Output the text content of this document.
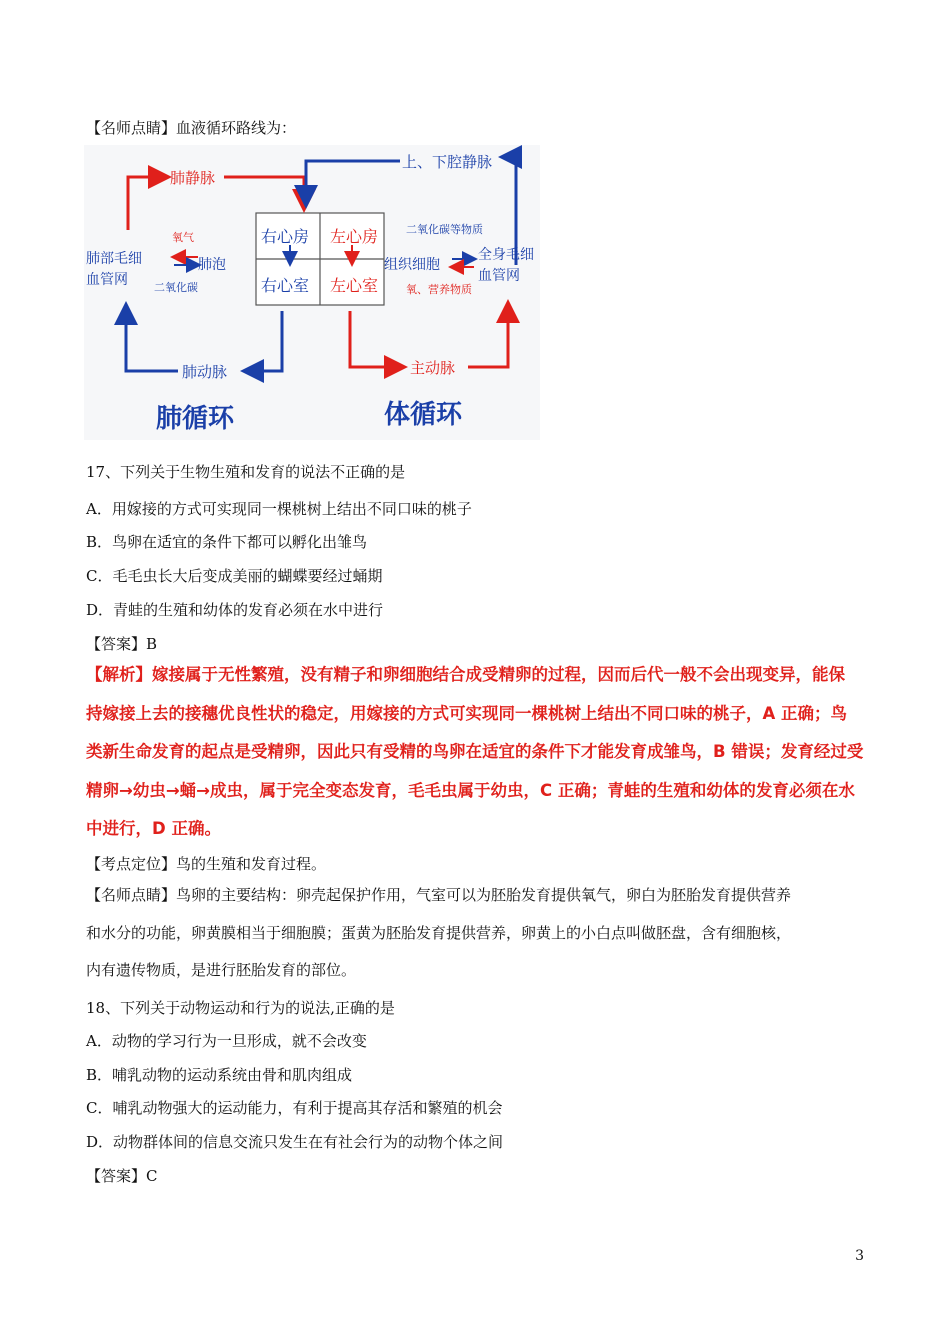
【名师点睛】血液循环路线为：
右心房 左心房
右心室 左心室
肺静脉
上、下腔静脉
肺部毛细
血管网
氧气
肺泡
二氧化碳
二氧化碳等物质
组织细胞
全身毛细
血管网
氧、营养物质
肺动脉	主动脉
肺循环	体循环
17、下列关于生物生殖和发育的说法不正确的是
A．用嫁接的方式可实现同一棵桃树上结出不同口味的桃子
B．鸟卵在适宜的条件下都可以孵化出雏鸟
C．毛毛虫长大后变成美丽的蝴蝶要经过蛹期
D．青蛙的生殖和幼体的发育必须在水中进行
【答案】B
【解析】嫁接属于无性繁殖，没有精子和卵细胞结合成受精卵的过程，因而后代一般不会出现变异，能保
持嫁接上去的接穗优良性状的稳定，用嫁接的方式可实现同一棵桃树上结出不同口味的桃子，A 正确；鸟
类新生命发育的起点是受精卵，因此只有受精的鸟卵在适宜的条件下才能发育成雏鸟，B 错误；发育经过受
精卵→幼虫→蛹→成虫，属于完全变态发育，毛毛虫属于幼虫，C 正确；青蛙的生殖和幼体的发育必须在水
中进行，D 正确。
【考点定位】鸟的生殖和发育过程。
【名师点睛】鸟卵的主要结构：卵壳起保护作用，气室可以为胚胎发育提供氧气，卵白为胚胎发育提供营养
和水分的功能，卵黄膜相当于细胞膜；蛋黄为胚胎发育提供营养，卵黄上的小白点叫做胚盘，含有细胞核，
内有遗传物质，是进行胚胎发育的部位。
18、下列关于动物运动和行为的说法,正确的是
A．动物的学习行为一旦形成，就不会改变
B．哺乳动物的运动系统由骨和肌肉组成
C．哺乳动物强大的运动能力，有利于提高其存活和繁殖的机会
D．动物群体间的信息交流只发生在有社会行为的动物个体之间
【答案】C
3
